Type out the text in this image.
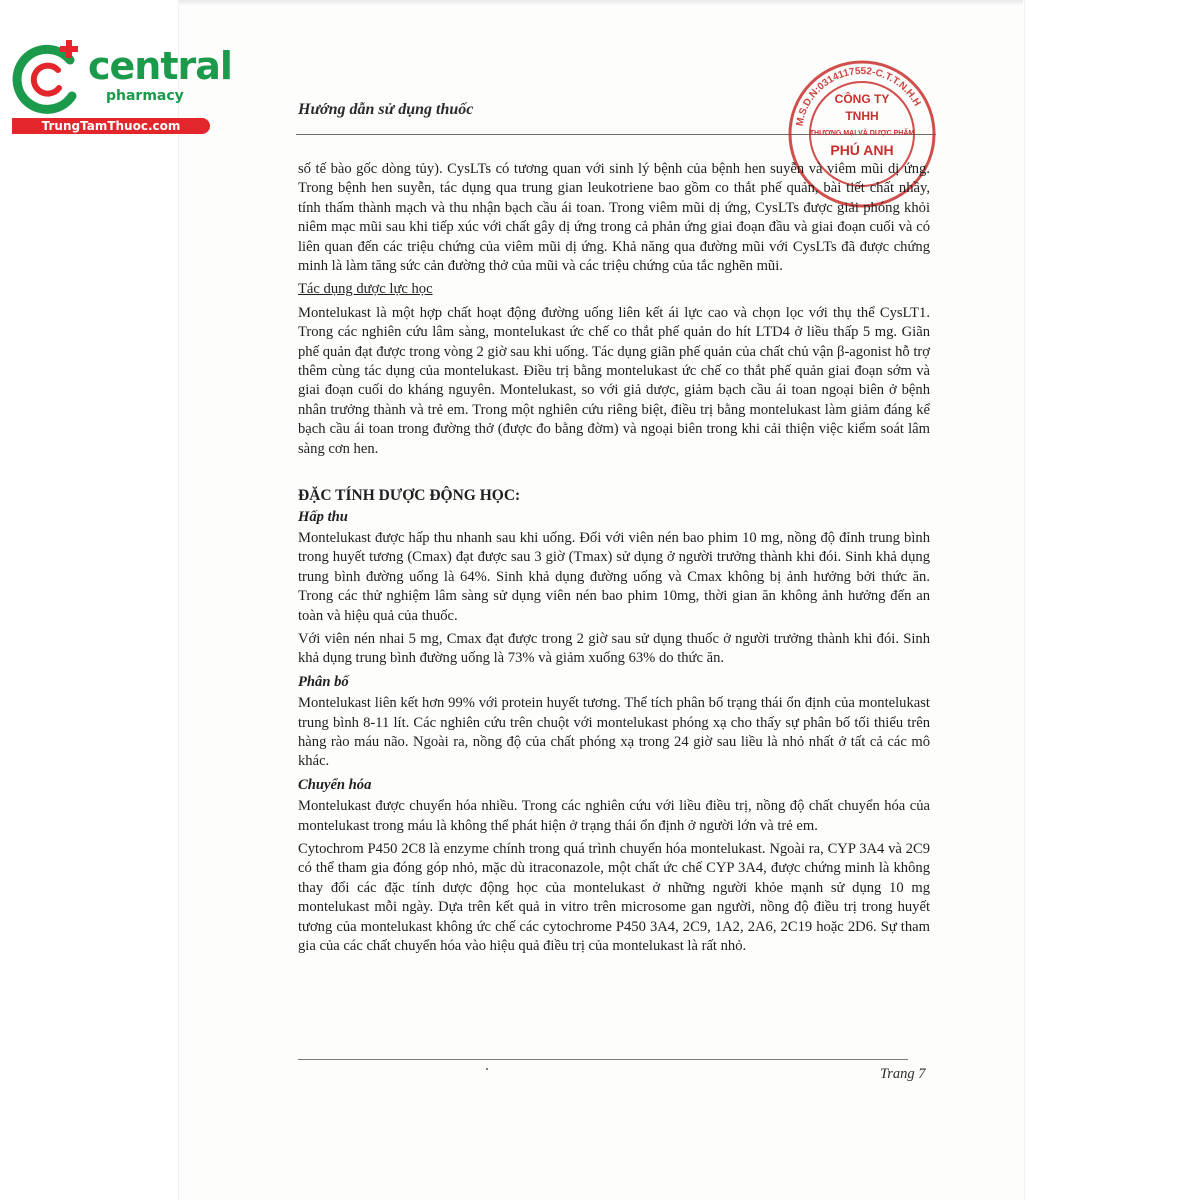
central
pharmacy
TrungTamThuoc.com
Hướng dẫn sử dụng thuốc
M.S.D.N:0314117552-C.T.T.N.H.H
CÔNG TY
TNHH
THƯƠNG MẠI VÀ DƯỢC PHẨM
PHÚ ANH

số tế bào gốc dòng tủy). CysLTs có tương quan với sinh lý bệnh của bệnh hen suyễn và viêm mũi dị ứng. Trong bệnh hen suyễn, tác dụng qua trung gian leukotriene bao gồm co thắt phế quản, bài tiết chất nhầy, tính thấm thành mạch và thu nhận bạch cầu ái toan. Trong viêm mũi dị ứng, CysLTs được giải phóng khỏi niêm mạc mũi sau khi tiếp xúc với chất gây dị ứng trong cả phản ứng giai đoạn đầu và giai đoạn cuối và có liên quan đến các triệu chứng của viêm mũi dị ứng. Khả năng qua đường mũi với CysLTs đã được chứng minh là làm tăng sức cản đường thở của mũi và các triệu chứng của tắc nghẽn mũi.

Tác dụng dược lực học

Montelukast là một hợp chất hoạt động đường uống liên kết ái lực cao và chọn lọc với thụ thể CysLT1. Trong các nghiên cứu lâm sàng, montelukast ức chế co thắt phế quản do hít LTD4 ở liều thấp 5 mg. Giãn phế quản đạt được trong vòng 2 giờ sau khi uống. Tác dụng giãn phế quản của chất chủ vận β-agonist hỗ trợ thêm cùng tác dụng của montelukast. Điều trị bằng montelukast ức chế co thắt phế quản giai đoạn sớm và giai đoạn cuối do kháng nguyên. Montelukast, so với giả dược, giảm bạch cầu ái toan ngoại biên ở bệnh nhân trưởng thành và trẻ em. Trong một nghiên cứu riêng biệt, điều trị bằng montelukast làm giảm đáng kể bạch cầu ái toan trong đường thở (được đo bằng đờm) và ngoại biên trong khi cải thiện việc kiểm soát lâm sàng cơn hen.

ĐẶC TÍNH DƯỢC ĐỘNG HỌC:

Hấp thu

Montelukast được hấp thu nhanh sau khi uống. Đối với viên nén bao phim 10 mg, nồng độ đỉnh trung bình trong huyết tương (Cmax) đạt được sau 3 giờ (Tmax) sử dụng ở người trưởng thành khi đói. Sinh khả dụng trung bình đường uống là 64%. Sinh khả dụng đường uống và Cmax không bị ảnh hưởng bởi thức ăn. Trong các thử nghiệm lâm sàng sử dụng viên nén bao phim 10mg, thời gian ăn không ảnh hưởng đến an toàn và hiệu quả của thuốc.

Với viên nén nhai 5 mg, Cmax đạt được trong 2 giờ sau sử dụng thuốc ở người trưởng thành khi đói. Sinh khả dụng trung bình đường uống là 73% và giảm xuống 63% do thức ăn.

Phân bố

Montelukast liên kết hơn 99% với protein huyết tương. Thể tích phân bố trạng thái ổn định của montelukast trung bình 8-11 lít. Các nghiên cứu trên chuột với montelukast phóng xạ cho thấy sự phân bố tối thiểu trên hàng rào máu não. Ngoài ra, nồng độ của chất phóng xạ trong 24 giờ sau liều là nhỏ nhất ở tất cả các mô khác.

Chuyển hóa

Montelukast được chuyển hóa nhiều. Trong các nghiên cứu với liều điều trị, nồng độ chất chuyển hóa của montelukast trong máu là không thể phát hiện ở trạng thái ổn định ở người lớn và trẻ em.

Cytochrom P450 2C8 là enzyme chính trong quá trình chuyển hóa montelukast. Ngoài ra, CYP 3A4 và 2C9 có thể tham gia đóng góp nhỏ, mặc dù itraconazole, một chất ức chế CYP 3A4, được chứng minh là không thay đổi các đặc tính dược động học của montelukast ở những người khỏe mạnh sử dụng 10 mg montelukast mỗi ngày. Dựa trên kết quả in vitro trên microsome gan người, nồng độ điều trị trong huyết tương của montelukast không ức chế các cytochrome P450 3A4, 2C9, 1A2, 2A6, 2C19 hoặc 2D6. Sự tham gia của các chất chuyển hóa vào hiệu quả điều trị của montelukast là rất nhỏ.

Trang 7
